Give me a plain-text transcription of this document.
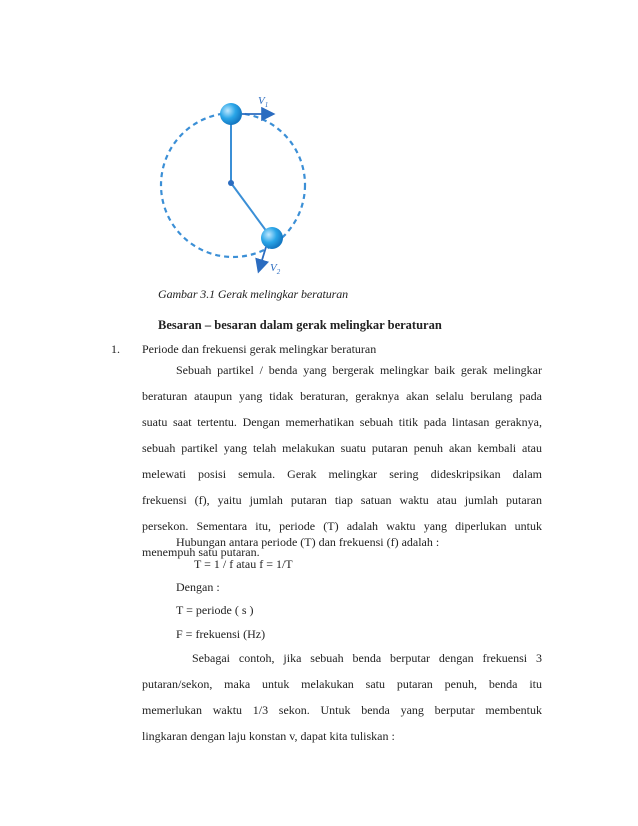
$V_1$
$V_2$
Gambar 3.1 Gerak melingkar beraturan
Besaran – besaran dalam gerak melingkar beraturan
1. Periode dan frekuensi gerak melingkar beraturan
Sebuah partikel / benda yang bergerak melingkar baik gerak melingkar
beraturan ataupun yang tidak beraturan, geraknya akan selalu berulang pada
suatu saat tertentu. Dengan memerhatikan sebuah titik pada lintasan geraknya,
sebuah partikel yang telah melakukan suatu putaran penuh akan kembali atau
melewati posisi semula. Gerak melingkar sering dideskripsikan dalam
frekuensi (f), yaitu jumlah putaran tiap satuan waktu atau jumlah putaran
persekon. Sementara itu, periode (T) adalah waktu yang diperlukan untuk
menempuh satu putaran.
Hubungan antara periode (T) dan frekuensi (f) adalah :
T = 1 / f atau f = 1/T
Dengan :
T = periode ( s )
F = frekuensi (Hz)
Sebagai contoh, jika sebuah benda berputar dengan frekuensi 3
putaran/sekon, maka untuk melakukan satu putaran penuh, benda itu
memerlukan waktu 1/3 sekon. Untuk benda yang berputar membentuk
lingkaran dengan laju konstan v, dapat kita tuliskan :
